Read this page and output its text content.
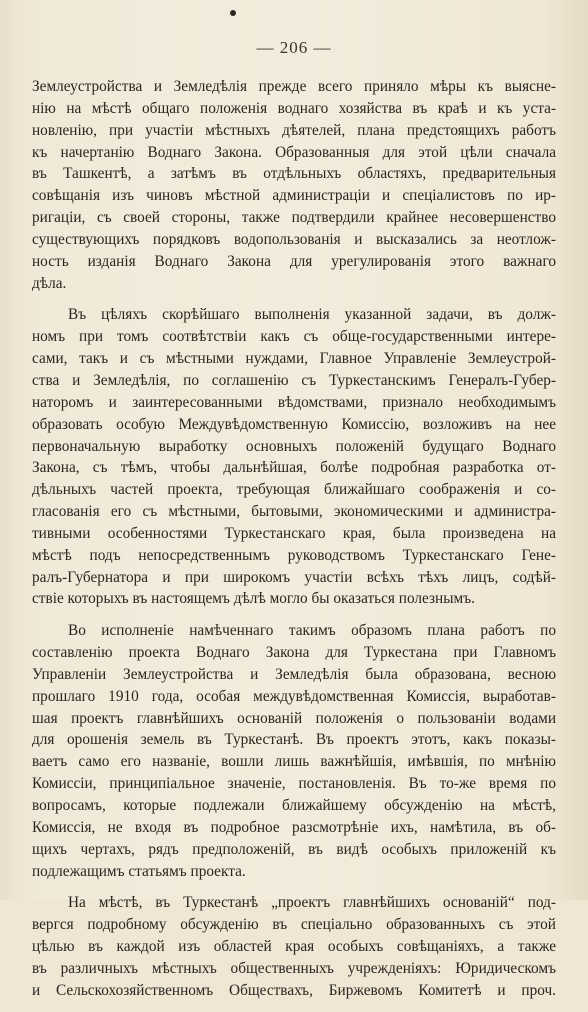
— 206 —
Землеустройства и Земледѣлія прежде всего приняло мѣры къ выясне-
нію на мѣстѣ общаго положенія воднаго хозяйства въ краѣ и къ уста-
новленію, при участіи мѣстныхъ дѣятелей, плана предстоящихъ работъ
къ начертанію Воднаго Закона. Образованныя для этой цѣли сначала
въ Ташкентѣ, а затѣмъ въ отдѣльныхъ областяхъ, предварительныя
совѣщанія изъ чиновъ мѣстной администраціи и спеціалистовъ по ир-
ригаціи, съ своей стороны, также подтвердили крайнее несовершенство
существующихъ порядковъ водопользованія и высказались за неотлож-
ность изданія Воднаго Закона для урегулированія этого важнаго
дѣла.
Въ цѣляхъ скорѣйшаго выполненія указанной задачи, въ долж-
номъ при томъ соотвѣтствіи какъ съ обще-государственными интере-
сами, такъ и съ мѣстными нуждами, Главное Управленіе Землеустрой-
ства и Земледѣлія, по соглашенію съ Туркестанскимъ Генералъ-Губер-
наторомъ и заинтересованными вѣдомствами, признало необходимымъ
образовать особую Междувѣдомственную Комиссію, возложивъ на нее
первоначальную выработку основныхъ положеній будущаго Воднаго
Закона, съ тѣмъ, чтобы дальнѣйшая, болѣе подробная разработка от-
дѣльныхъ частей проекта, требующая ближайшаго соображенія и со-
гласованія его съ мѣстными, бытовыми, экономическими и администра-
тивными особенностями Туркестанскаго края, была произведена на
мѣстѣ подъ непосредственнымъ руководствомъ Туркестанскаго Гене-
ралъ-Губернатора и при широкомъ участіи всѣхъ тѣхъ лицъ, содѣй-
ствіе которыхъ въ настоящемъ дѣлѣ могло бы оказаться полезнымъ.
Во исполненіе намѣченнаго такимъ образомъ плана работъ по
составленію проекта Воднаго Закона для Туркестана при Главномъ
Управленіи Землеустройства и Земледѣлія была образована, весною
прошлаго 1910 года, особая междувѣдомственная Комиссія, выработав-
шая проектъ главнѣйшихъ основаній положенія о пользованіи водами
для орошенія земель въ Туркестанѣ. Въ проектъ этотъ, какъ показы-
ваетъ само его названіе, вошли лишь важнѣйшія, имѣвшія, по мнѣнію
Комиссіи, принципіальное значеніе, постановленія. Въ то-же время по
вопросамъ, которые подлежали ближайшему обсужденію на мѣстѣ,
Комиссія, не входя въ подробное разсмотрѣніе ихъ, намѣтила, въ об-
щихъ чертахъ, рядъ предположеній, въ видѣ особыхъ приложеній къ
подлежащимъ статьямъ проекта.
На мѣстѣ, въ Туркестанѣ „проектъ главнѣйшихъ основаній“ под-
вергся подробному обсужденію въ спеціально образованныхъ съ этой
цѣлью въ каждой изъ областей края особыхъ совѣщаніяхъ, а также
въ различныхъ мѣстныхъ общественныхъ учрежденіяхъ: Юридическомъ
и Сельскохозяйственномъ Обществахъ, Биржевомъ Комитетѣ и проч.
